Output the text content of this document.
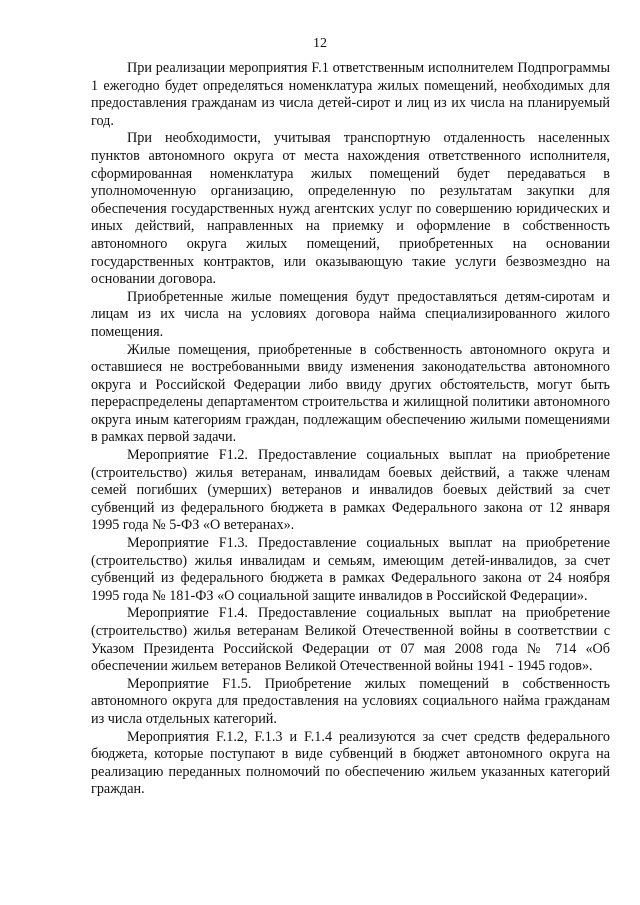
12

При реализации мероприятия F.1 ответственным исполнителем Подпрограммы 1 ежегодно будет определяться номенклатура жилых помещений, необходимых для предоставления гражданам из числа детей-сирот и лиц из их числа на планируемый год.

При необходимости, учитывая транспортную отдаленность населенных пунктов автономного округа от места нахождения ответственного исполнителя, сформированная номенклатура жилых помещений будет передаваться в уполномоченную организацию, определенную по результатам закупки для обеспечения государственных нужд агентских услуг по совершению юридических и иных действий, направленных на приемку и оформление в собственность автономного округа жилых помещений, приобретенных на основании государственных контрактов, или оказывающую такие услуги безвозмездно на основании договора.

Приобретенные жилые помещения будут предоставляться детям-сиротам и лицам из их числа на условиях договора найма специализированного жилого помещения.

Жилые помещения, приобретенные в собственность автономного округа и оставшиеся не востребованными ввиду изменения законодательства автономного округа и Российской Федерации либо ввиду других обстоятельств, могут быть перераспределены департаментом строительства и жилищной политики автономного округа иным категориям граждан, подлежащим обеспечению жилыми помещениями в рамках первой задачи.

Мероприятие F1.2. Предоставление социальных выплат на приобретение (строительство) жилья ветеранам, инвалидам боевых действий, а также членам семей погибших (умерших) ветеранов и инвалидов боевых действий за счет субвенций из федерального бюджета в рамках Федерального закона от 12 января 1995 года № 5-ФЗ «О ветеранах».

Мероприятие F1.3. Предоставление социальных выплат на приобретение (строительство) жилья инвалидам и семьям, имеющим детей-инвалидов, за счет субвенций из федерального бюджета в рамках Федерального закона от 24 ноября 1995 года № 181-ФЗ «О социальной защите инвалидов в Российской Федерации».

Мероприятие F1.4. Предоставление социальных выплат на приобретение (строительство) жилья ветеранам Великой Отечественной войны в соответствии с Указом Президента Российской Федерации от 07 мая 2008 года № 714 «Об обеспечении жильем ветеранов Великой Отечественной войны 1941 - 1945 годов».

Мероприятие F1.5. Приобретение жилых помещений в собственность автономного округа для предоставления на условиях социального найма гражданам из числа отдельных категорий.

Мероприятия F.1.2, F.1.3 и F.1.4 реализуются за счет средств федерального бюджета, которые поступают в виде субвенций в бюджет автономного округа на реализацию переданных полномочий по обеспечению жильем указанных категорий граждан.
